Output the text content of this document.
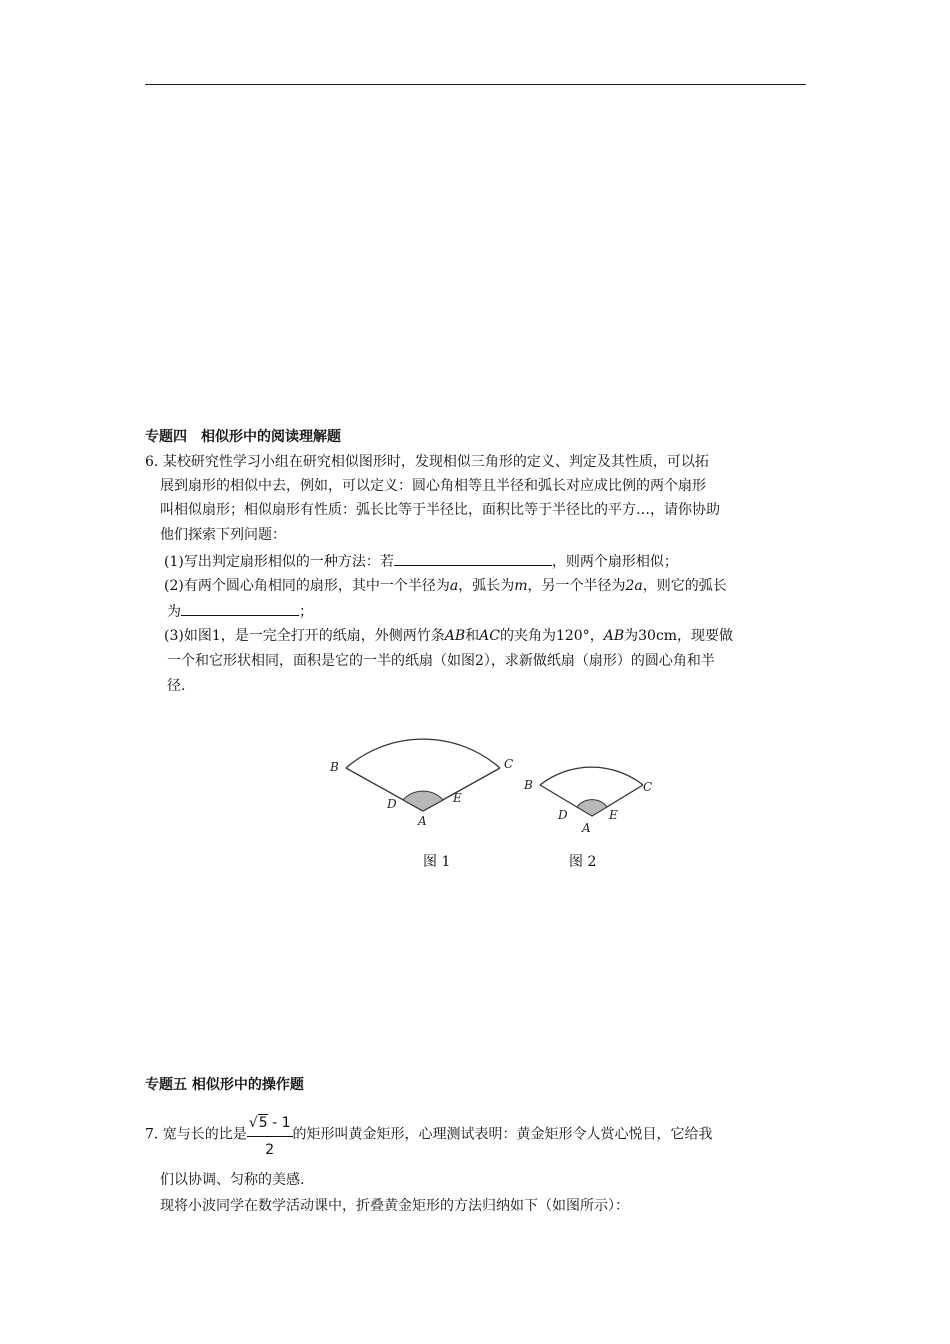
专题四　相似形中的阅读理解题
6. 某校研究性学习小组在研究相似图形时，发现相似三角形的定义、判定及其性质，可以拓
展到扇形的相似中去，例如，可以定义：圆心角相等且半径和弧长对应成比例的两个扇形
叫相似扇形；相似扇形有性质：弧长比等于半径比，面积比等于半径比的平方…，请你协助
他们探索下列问题：
(1)写出判定扇形相似的一种方法：若	，则两个扇形相似；
(2)有两个圆心角相同的扇形，其中一个半径为a，弧长为m，另一个半径为2a，则它的弧长
为	；
(3)如图1，是一完全打开的纸扇，外侧两竹条AB和AC的夹角为120°，AB为30cm，现要做
一个和它形状相同，面积是它的一半的纸扇（如图2），求新做纸扇（扇形）的圆心角和半
径.
B	C
D	E
A
B	C
D	E
A
图 1	图 2
专题五 相似形中的操作题
7. 宽与长的比是 $\frac{√5 - 1}{2}$ 的矩形叫黄金矩形，心理测试表明：黄金矩形令人赏心悦目，它给我
们以协调、匀称的美感.
现将小波同学在数学活动课中，折叠黄金矩形的方法归纳如下（如图所示）：
